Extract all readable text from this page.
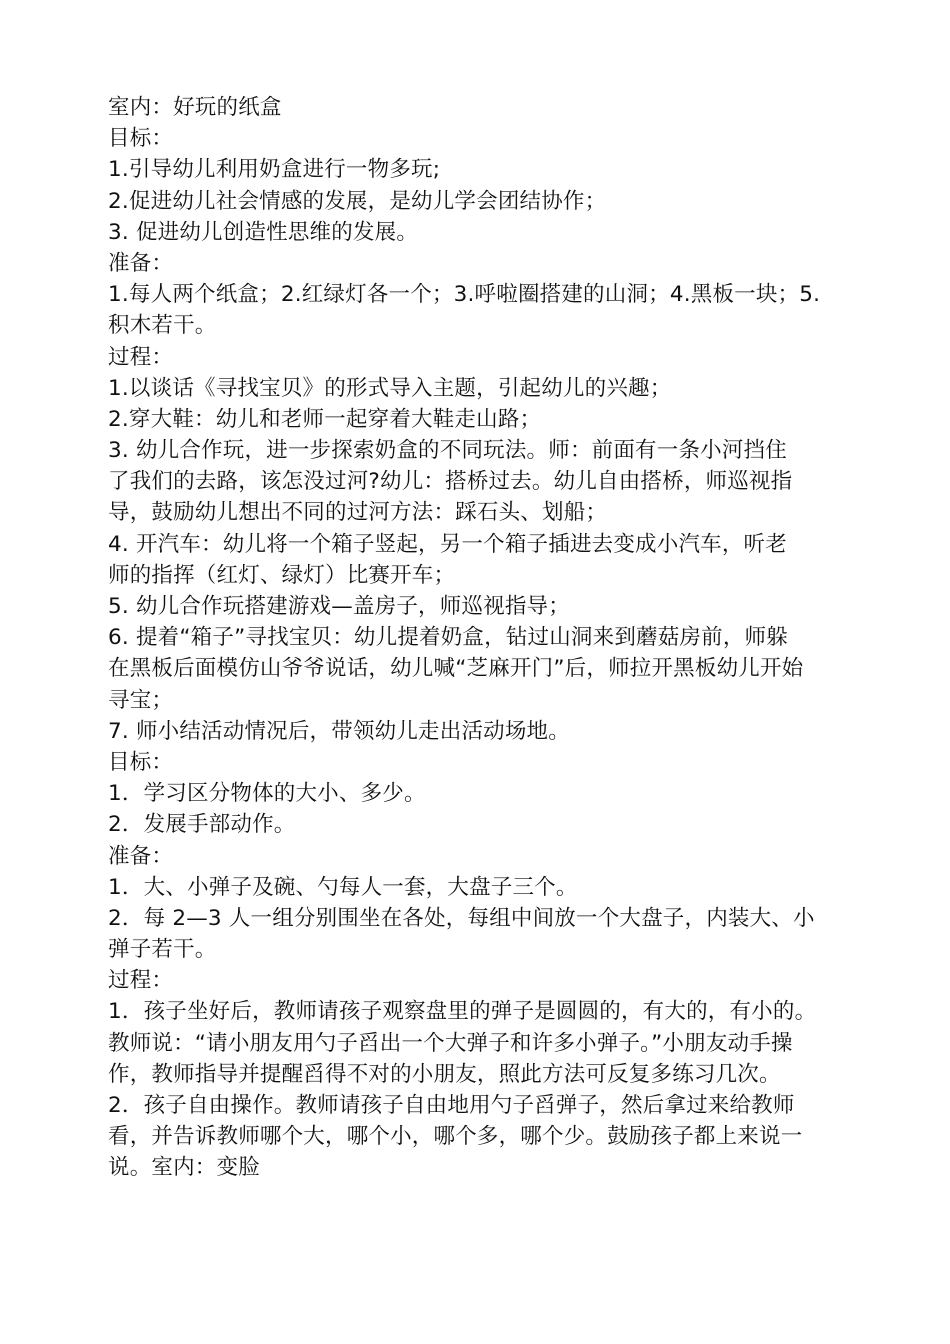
室内：好玩的纸盒
目标：
1.引导幼儿利用奶盒进行一物多玩;
2.促进幼儿社会情感的发展，是幼儿学会团结协作；
3. 促进幼儿创造性思维的发展。
准备：
1.每人两个纸盒；2.红绿灯各一个；3.呼啦圈搭建的山洞；4.黑板一块；5.
积木若干。
过程：
1.以谈话《寻找宝贝》的形式导入主题，引起幼儿的兴趣；
2.穿大鞋：幼儿和老师一起穿着大鞋走山路；
3. 幼儿合作玩，进一步探索奶盒的不同玩法。师：前面有一条小河挡住
了我们的去路，该怎没过河?幼儿：搭桥过去。幼儿自由搭桥，师巡视指
导，鼓励幼儿想出不同的过河方法：踩石头、划船；
4. 开汽车：幼儿将一个箱子竖起，另一个箱子插进去变成小汽车，听老
师的指挥（红灯、绿灯）比赛开车；
5. 幼儿合作玩搭建游戏—盖房子，师巡视指导；
6. 提着“箱子”寻找宝贝：幼儿提着奶盒，钻过山洞来到蘑菇房前，师躲
在黑板后面模仿山爷爷说话，幼儿喊“芝麻开门”后，师拉开黑板幼儿开始
寻宝；
7. 师小结活动情况后，带领幼儿走出活动场地。
目标：
1．学习区分物体的大小、多少。
2．发展手部动作。
准备：
1．大、小弹子及碗、勺每人一套，大盘子三个。
2．每 2—3 人一组分别围坐在各处，每组中间放一个大盘子，内装大、小
弹子若干。
过程：
1．孩子坐好后，教师请孩子观察盘里的弹子是圆圆的，有大的，有小的。
教师说：“请小朋友用勺子舀出一个大弹子和许多小弹子。”小朋友动手操
作，教师指导并提醒舀得不对的小朋友，照此方法可反复多练习几次。
2．孩子自由操作。教师请孩子自由地用勺子舀弹子，然后拿过来给教师
看，并告诉教师哪个大，哪个小，哪个多，哪个少。鼓励孩子都上来说一
说。室内：变脸
